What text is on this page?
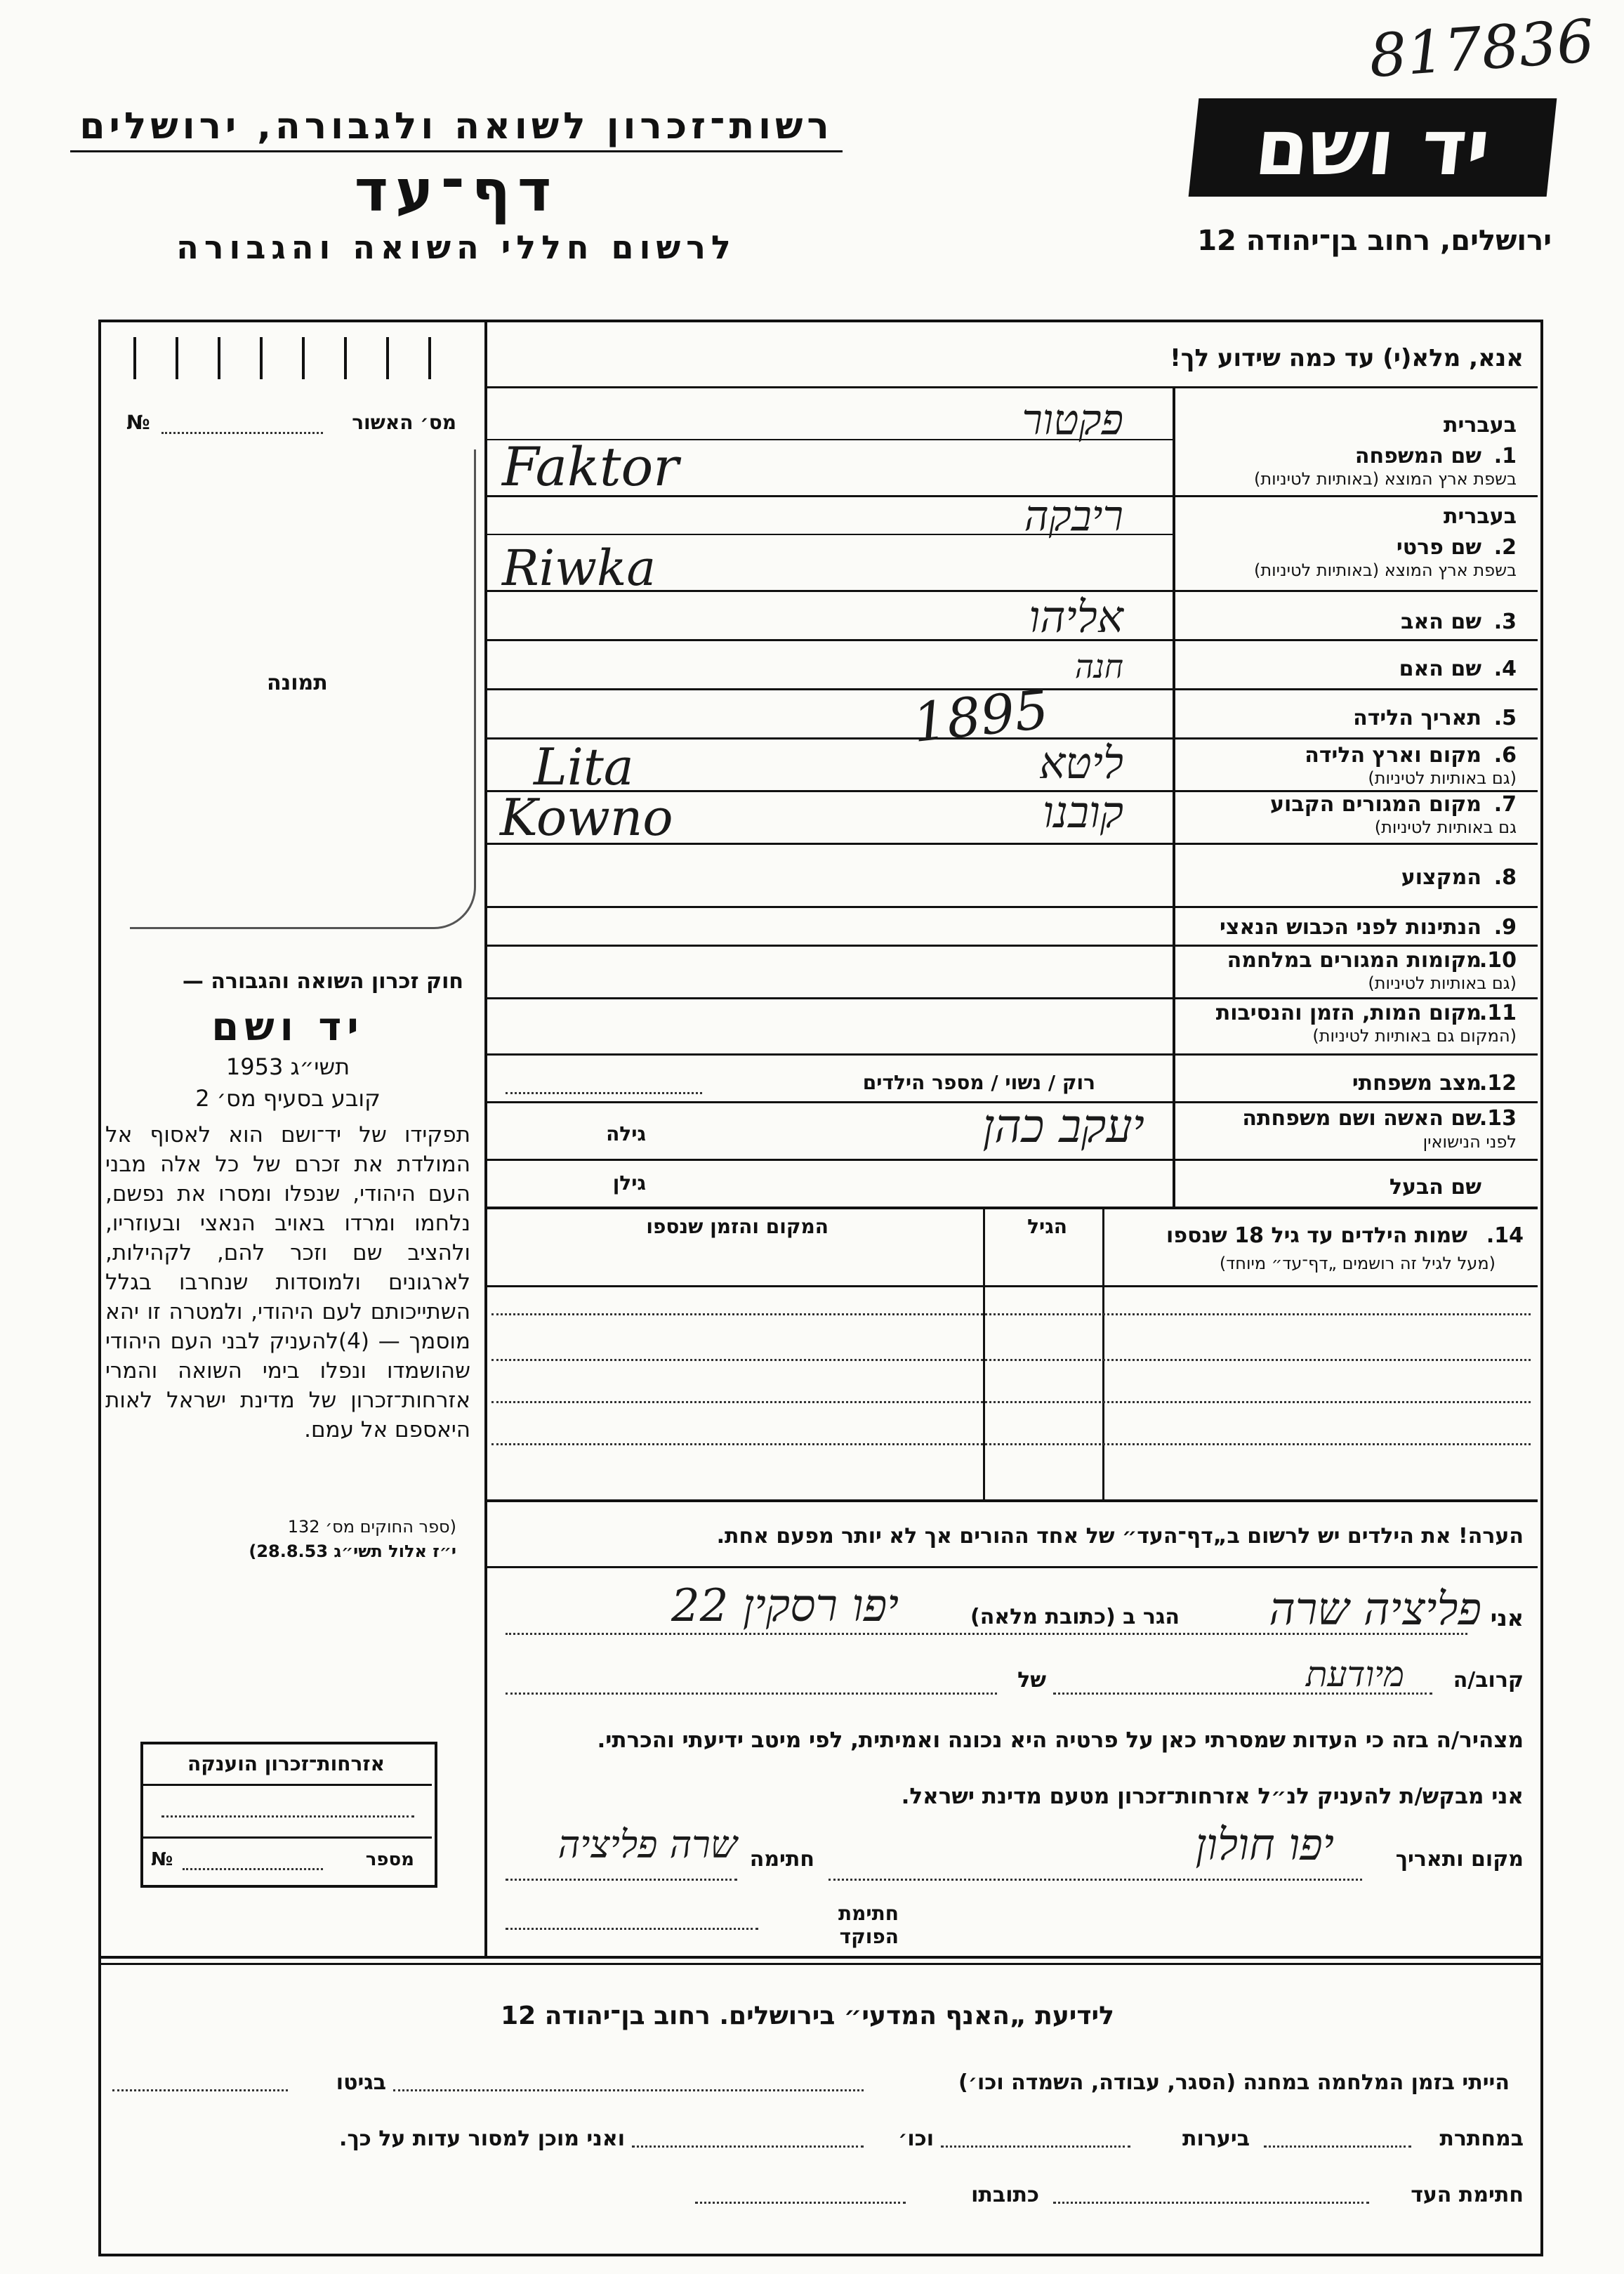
817836
רשות־זכרון לשואה ולגבורה, ירושלים
דף־עד
לרשום חללי השואה והגבורה
יד ושם
ירושלים, רחוב בן־יהודה 12
מס׳ האשור
№
תמונה
חוק זכרון השואה והגבורה —
יד ושם
תשי״ג 1953
קובע בסעיף מס׳ 2
תפקידו של יד־ושם הוא לאסוף אל המולדת את זכרם של כל אלה מבני העם היהודי, שנפלו ומסרו את נפשם, נלחמו ומרדו באויב הנאצי ובעוזריו, ולהציב שם וזכר להם, לקהילות, לארגונים ולמוסדות שנחרבו בגלל השתייכותם לעם היהודי, ולמטרה זו יהא מוסמך — (4)להעניק לבני העם היהודי שהושמדו ונפלו בימי השואה והמרי אזרחות־זכרון של מדינת ישראל לאות היאספם אל עמם.
(ספר החוקים מס׳ 132
י״ז אלול תשי״ג 28.8.53)
אנא, מלא(י) עד כמה שידוע לך!
בעברית
1.
שם המשפחה
בשפת ארץ המוצא (באותיות לטיניות)
פקטור
Faktor
בעברית
2.
שם פרטי
בשפת ארץ המוצא (באותיות לטיניות)
ריבקה
Riwka
3.
שם האב
אליהו
4.
שם האם
חנה
5.
תאריך הלידה
1895
6.
מקום וארץ הלידה
(גם באותיות לטיניות)
ליטא
Lita
7.
מקום המגורים הקבוע
גם באותיות לטיניות)
קובנו
Kowno
8.
המקצוע
9.
הנתינות לפני הכבוש הנאצי
10.
מקומות המגורים במלחמה
(גם באותיות לטיניות)
11.
מקום המות, הזמן והנסיבות
(המקום גם באותיות לטיניות)
12.
מצב משפחתי
רוק / נשוי / מספר הילדים
13.
שם האשה ושם משפחתה
לפני הנישואין
גילה	יעקב כהן
שם הבעל
גילן
14.
שמות הילדים עד גיל 18 שנספו
(מעל לגיל זה רושמים „דף־עד״ מיוחד)
הגיל
המקום והזמן שנספו
הערה! את הילדים יש לרשום ב„דף־העד״ של אחד ההורים אך לא יותר מפעם אחת.
אני
פליציה שרה
הגר ב (כתובת מלאה)
יפו רסקין 22
קרוב/ה
מיודעת
של
מצהיר/ה בזה כי העדות שמסרתי כאן על פרטיה היא נכונה ואמיתית, לפי מיטב ידיעתי והכרתי.
אני מבקש/ת להעניק לנ״ל אזרחות־זכרון מטעם מדינת ישראל.
מקום ותאריך
יפו חולון
חתימה
שרה פליציה
חתימת הפוקד
אזרחות־זכרון הוענקה
מספר
№
לידיעת „האנף המדעי״ בירושלים. רחוב בן־יהודה 12
הייתי בזמן המלחמה במחנה (הסגר, עבודה, השמדה וכו׳)
בגיטו
במחתרת
ביערות
וכו׳
ואני מוכן למסור עדות על כך.
חתימת העד
כתובתו
